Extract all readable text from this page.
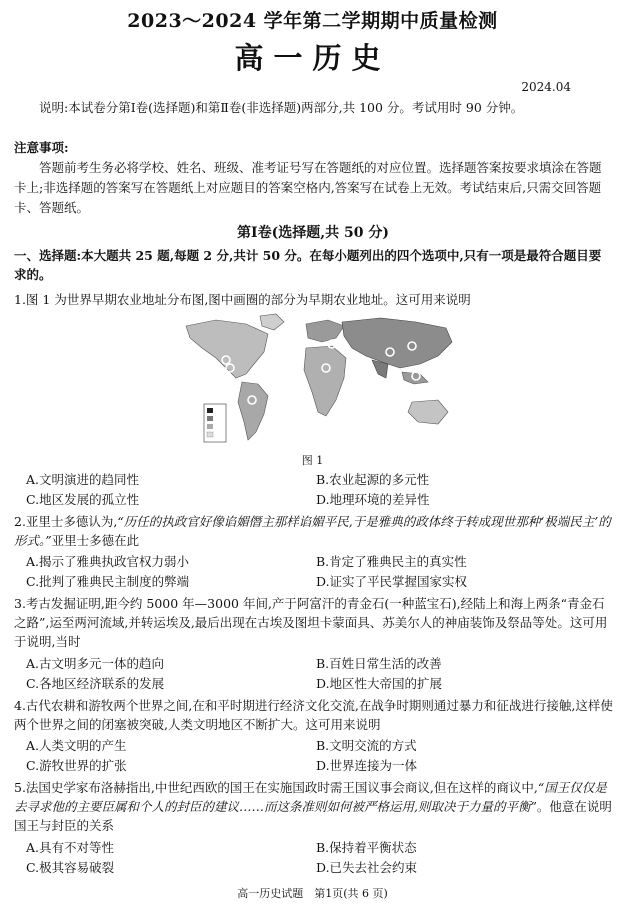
2023～2024 学年第二学期期中质量检测
高一历史
2024.04
说明:本试卷分第Ⅰ卷(选择题)和第Ⅱ卷(非选择题)两部分,共 100 分。考试用时 90 分钟。
注意事项:
答题前考生务必将学校、姓名、班级、准考证号写在答题纸的对应位置。选择题答案按要求填涂在答题卡上;非选择题的答案写在答题纸上对应题目的答案空格内,答案写在试卷上无效。考试结束后,只需交回答题卡、答题纸。
第Ⅰ卷(选择题,共 50 分)
一、选择题:本大题共 25 题,每题 2 分,共计 50 分。在每小题列出的四个选项中,只有一项是最符合题目要求的。
1.图 1 为世界早期农业地址分布图,图中画圈的部分为早期农业地址。这可用来说明
图 1
A.文明演进的趋同性	B.农业起源的多元性
C.地区发展的孤立性	D.地理环境的差异性
2.亚里士多德认为,“历任的执政官好像谄媚僭主那样谄媚平民,于是雅典的政体终于转成现世那种‘极端民主’的形式。”亚里士多德在此
A.揭示了雅典执政官权力弱小	B.肯定了雅典民主的真实性
C.批判了雅典民主制度的弊端	D.证实了平民掌握国家实权
3.考古发掘证明,距今约 5000 年—3000 年间,产于阿富汗的青金石(一种蓝宝石),经陆上和海上两条“青金石之路”,运至两河流域,并转运埃及,最后出现在古埃及图坦卡蒙面具、苏美尔人的神庙装饰及祭品等处。这可用于说明,当时
A.古文明多元一体的趋向	B.百姓日常生活的改善
C.各地区经济联系的发展	D.地区性大帝国的扩展
4.古代农耕和游牧两个世界之间,在和平时期进行经济文化交流,在战争时期则通过暴力和征战进行接触,这样使两个世界之间的闭塞被突破,人类文明地区不断扩大。这可用来说明
A.人类文明的产生	B.文明交流的方式
C.游牧世界的扩张	D.世界连接为一体
5.法国史学家布洛赫指出,中世纪西欧的国王在实施国政时需王国议事会商议,但在这样的商议中,“国王仅仅是去寻求他的主要臣属和个人的封臣的建议……而这条准则如何被严格运用,则取决于力量的平衡”。他意在说明国王与封臣的关系
A.具有不对等性	B.保持着平衡状态
C.极其容易破裂	D.已失去社会约束
高一历史试题　第1页(共 6 页)
